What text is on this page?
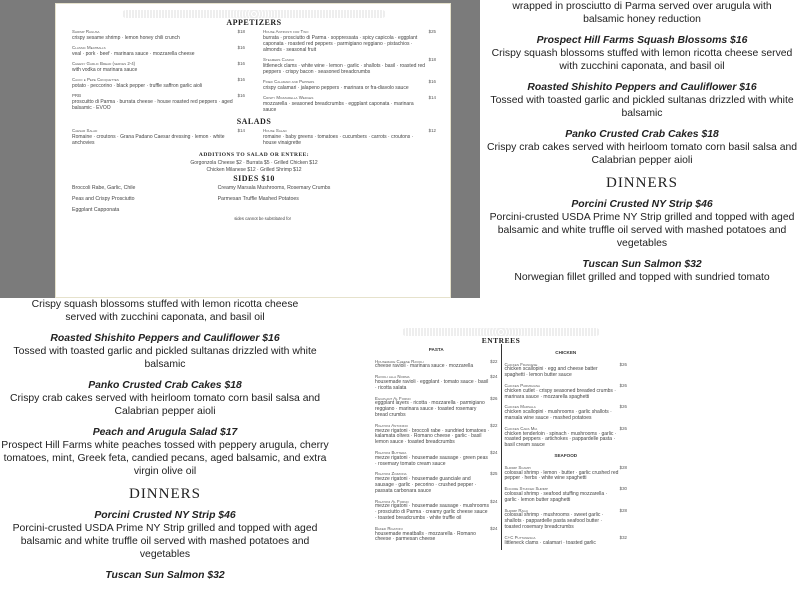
APPETIZERS
Shrimp Ragusa	$18
crispy sesame shrimp · lemon honey chili crunch
Classic Meatballs	$16
veal · pork · beef · marinara sauce · mozzarella cheese
Cheesy Garlic Bread (serves 2-4)	$16
with vodka or marinara sauce
Cacio e Pepe Croquettes	$16
potato · peccorino · black pepper · truffle saffron garlic aioli
PRB	$16
proscuitto di Parma · burrata cheese · house roasted red peppers · aged balsamic · EVOO
House Antipasti for Two	$25
burrata · prosciutto di Parma · soppressata · spicy capicola · eggplant caponata · roasted red peppers · parmigiano reggiano · pistachios · almonds · seasonal fruit
Steamers Casino	$18
littleneck clams · white wine · lemon · garlic · shallots · basil · roasted red peppers · crispy bacon · seasoned breadcrumbs
Fried Calamari and Peppers	$16
crispy calamari · jalapeno peppers · marinara or fra-diavolo sauce
Crispy Mozzarella Wedges	$14
mozzarella · seasoned breadcrumbs · eggplant caponata · marinara sauce
SALADS
Caesar Salad	$14
Romaine · croutons · Grana Padano Caesar dressing · lemon · white anchovies
House Salad	$12
romaine · baby greens · tomatoes · cucumbers · carrots · croutons · house vinaigrette
ADDITIONS TO SALAD OR ENTREE:
Gorgonzola Cheese $2 · Burrata $5 · Grilled Chicken $12
Chicken Milanese $12 · Grilled Shrimp $12
SIDES $10
Broccoli Rabe, Garlic, Chile	Creamy Marsala Mushrooms, Rosemary Crumbs
Peas and Crispy Prosciutto	Parmesan Truffle Mashed Potatoes
Eggplant Capponata
sides cannot be substituted for
wrapped in prosciutto di Parma served over arugula with
balsamic honey reduction
Prospect Hill Farms Squash Blossoms $16
Crispy squash blossoms stuffed with lemon ricotta cheese served with zucchini caponata, and basil oil
Roasted Shishito Peppers and Cauliflower $16
Tossed with toasted garlic and pickled sultanas drizzled with white balsamic
Panko Crusted Crab Cakes $18
Crispy crab cakes served with heirloom tomato corn basil salsa and Calabrian pepper aioli
DINNERS
Porcini Crusted NY Strip $46
Porcini-crusted USDA Prime NY Strip grilled and topped with aged balsamic and white truffle oil served with mashed potatoes and vegetables
Tuscan Sun Salmon $32
Norwegian fillet grilled and topped with sundried tomato
Crispy squash blossoms stuffed with lemon ricotta cheese
served with zucchini caponata, and basil oil
Roasted Shishito Peppers and Cauliflower $16
Tossed with toasted garlic and pickled sultanas drizzled with white balsamic
Panko Crusted Crab Cakes $18
Crispy crab cakes served with heirloom tomato corn basil salsa and Calabrian pepper aioli
Peach and Arugula Salad $17
Prospect Hill Farms white peaches tossed with peppery arugula, cherry tomatoes, mint, Greek feta, candied pecans, aged balsamic, and extra virgin olive oil
DINNERS
Porcini Crusted NY Strip $46
Porcini-crusted USDA Prime NY Strip grilled and topped with aged balsamic and white truffle oil served with mashed potatoes and vegetables
Tuscan Sun Salmon $32
ENTREES
PASTA
Housemade Cheese Ravioli	$22
cheese ravioli · marinara sauce · mozzarella
Ravioli alla Norma	$24
housemade ravioli · eggplant · tomato sauce · basil · ricotta salata
Eggplant Al Forno	$26
eggplant layers · ricotta · mozzarella · parmigiano reggiano · marinara sauce · toasted rosemary bread crumbs
Rigatoni Antonino	$22
mezze rigatoni · broccoli rabe · sundried tomatoes · kalamata olives · Romano cheese · garlic · basil lemon sauce · toasted breadcrumbs
Rigatoni Buttera	$24
mezze rigatoni · housemade sausage · green peas · rosemary tomato cream sauce
Rigatoni Zozzona	$25
mezze rigatoni · housemade guanciale and sausage · garlic · pecorino · crushed pepper · passata carbonara sauce
Rigatoni Al Forno	$24
mezze rigatoni · housemade sausage · mushrooms · prosciutto di Parma · creamy garlic cheese sauce · toasted breadcrumbs · white truffle oil
Baked Rigatoni	$24
housemade meatballs · mozzarella · Romano cheese · parmesan cheese
CHICKEN
Chicken Francese	$26
chicken scallopini · egg and cheese batter spaghetti · lemon butter sauce
Chicken Parmigiana	$26
chicken cutlet · crispy seasoned breaded crumbs · marinara sauce · mozzarella spaghetti
Chicken Marsala	$26
chicken scallopini · mushrooms · garlic shallots · marsala wine sauce · mashed potatoes
Chicken Cara Mia	$26
chicken tenderloin · spinach · mushrooms · garlic · roasted peppers · artichokes · pappardelle pasta · basil cream sauce
SEAFOOD
Shrimp Scampi	$28
colossal shrimp · lemon · butter · garlic crushed red pepper · herbs · white wine spaghetti
Encore Stuffed Shrimp	$30
colossal shrimp · seafood stuffing mozzarella · garlic · lemon butter spaghetti
Shrimp Ragu	$28
colossal shrimp · mushrooms · sweet garlic · shallots · pappardelle pasta seafood butter · toasted rosemary breadcrumbs
C+C Puttanesca	$32
littleneck clams · calamari · toasted garlic
